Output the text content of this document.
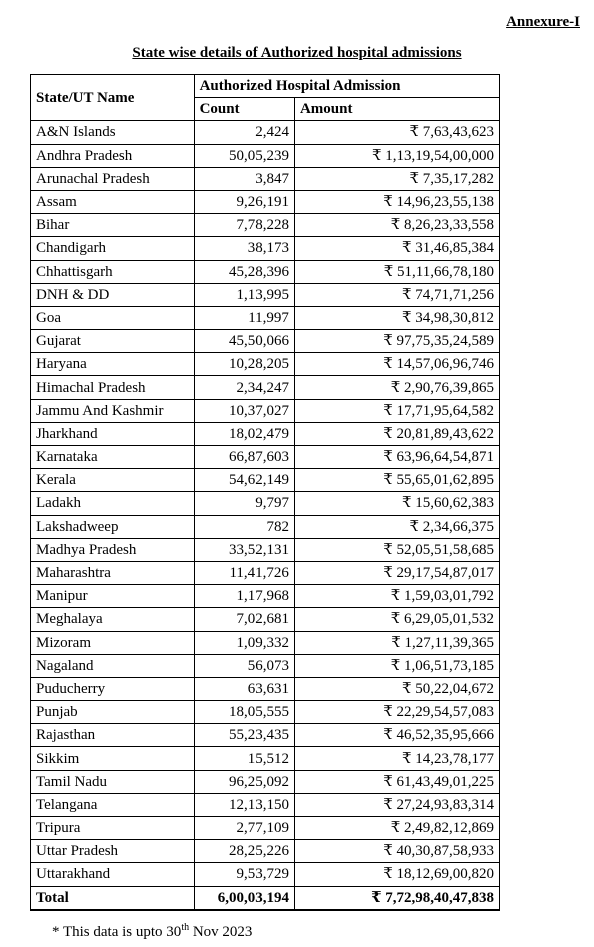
Annexure-I
State wise details of Authorized hospital admissions
State/UT Name	Authorized Hospital Admission	
	Count	Amount
A&N Islands	2,424	₹ 7,63,43,623
Andhra Pradesh	50,05,239	₹ 1,13,19,54,00,000
Arunachal Pradesh	3,847	₹ 7,35,17,282
Assam	9,26,191	₹ 14,96,23,55,138
Bihar	7,78,228	₹ 8,26,23,33,558
Chandigarh	38,173	₹ 31,46,85,384
Chhattisgarh	45,28,396	₹ 51,11,66,78,180
DNH & DD	1,13,995	₹ 74,71,71,256
Goa	11,997	₹ 34,98,30,812
Gujarat	45,50,066	₹ 97,75,35,24,589
Haryana	10,28,205	₹ 14,57,06,96,746
Himachal Pradesh	2,34,247	₹ 2,90,76,39,865
Jammu And Kashmir	10,37,027	₹ 17,71,95,64,582
Jharkhand	18,02,479	₹ 20,81,89,43,622
Karnataka	66,87,603	₹ 63,96,64,54,871
Kerala	54,62,149	₹ 55,65,01,62,895
Ladakh	9,797	₹ 15,60,62,383
Lakshadweep	782	₹ 2,34,66,375
Madhya Pradesh	33,52,131	₹ 52,05,51,58,685
Maharashtra	11,41,726	₹ 29,17,54,87,017
Manipur	1,17,968	₹ 1,59,03,01,792
Meghalaya	7,02,681	₹ 6,29,05,01,532
Mizoram	1,09,332	₹ 1,27,11,39,365
Nagaland	56,073	₹ 1,06,51,73,185
Puducherry	63,631	₹ 50,22,04,672
Punjab	18,05,555	₹ 22,29,54,57,083
Rajasthan	55,23,435	₹ 46,52,35,95,666
Sikkim	15,512	₹ 14,23,78,177
Tamil Nadu	96,25,092	₹ 61,43,49,01,225
Telangana	12,13,150	₹ 27,24,93,83,314
Tripura	2,77,109	₹ 2,49,82,12,869
Uttar Pradesh	28,25,226	₹ 40,30,87,58,933
Uttarakhand	9,53,729	₹ 18,12,69,00,820
Total	6,00,03,194	₹ 7,72,98,40,47,838
* This data is upto 30th Nov 2023
